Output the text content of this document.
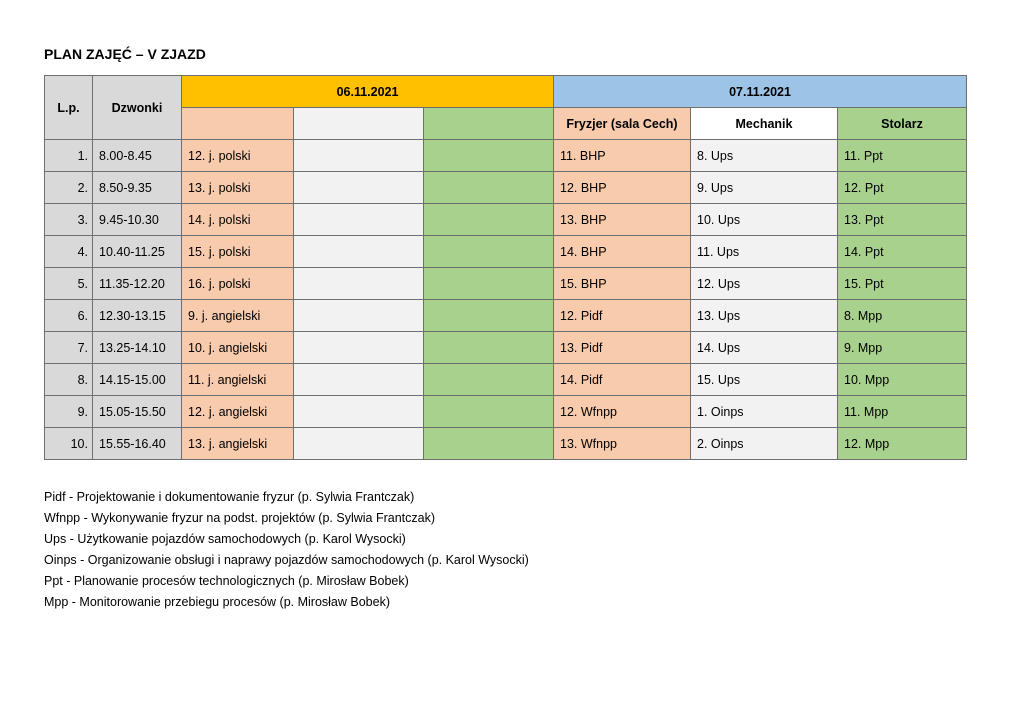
PLAN ZAJĘĆ – V ZJAZD
L.p.	Dzwonki	06.11.2021			07.11.2021		
					Fryzjer (sala Cech)	Mechanik	Stolarz
1.	8.00-8.45	12. j. polski			11. BHP	8. Ups	11. Ppt
2.	8.50-9.35	13. j. polski			12. BHP	9. Ups	12. Ppt
3.	9.45-10.30	14. j. polski			13. BHP	10. Ups	13. Ppt
4.	10.40-11.25	15. j. polski			14. BHP	11. Ups	14. Ppt
5.	11.35-12.20	16. j. polski			15. BHP	12. Ups	15. Ppt
6.	12.30-13.15	9. j. angielski			12. Pidf	13. Ups	8. Mpp
7.	13.25-14.10	10. j. angielski			13. Pidf	14. Ups	9. Mpp
8.	14.15-15.00	11. j. angielski			14. Pidf	15. Ups	10. Mpp
9.	15.05-15.50	12. j. angielski			12. Wfnpp	1. Oinps	11. Mpp
10.	15.55-16.40	13. j. angielski			13. Wfnpp	2. Oinps	12. Mpp
Pidf - Projektowanie i dokumentowanie fryzur (p. Sylwia Frantczak)
Wfnpp - Wykonywanie fryzur na podst. projektów (p. Sylwia Frantczak)
Ups - Użytkowanie pojazdów samochodowych (p. Karol Wysocki)
Oinps - Organizowanie obsługi i naprawy pojazdów samochodowych (p. Karol Wysocki)
Ppt - Planowanie procesów technologicznych (p. Mirosław Bobek)
Mpp - Monitorowanie przebiegu procesów (p. Mirosław Bobek)
